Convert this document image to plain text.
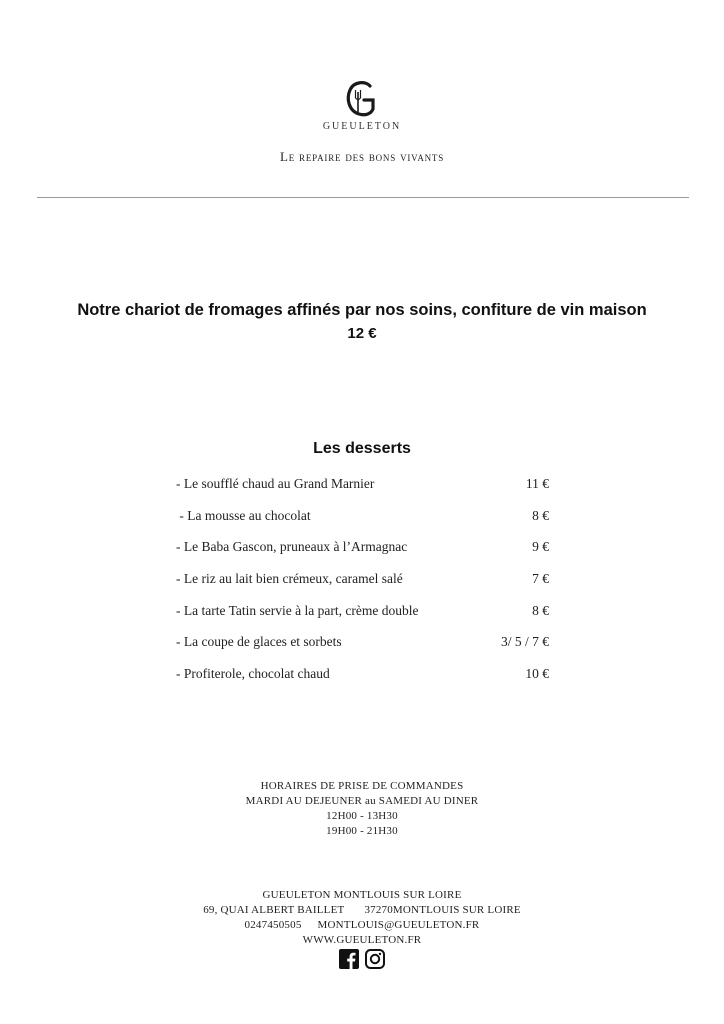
GUEULETON
Le repaire des bons vivants
Notre chariot de fromages affinés par nos soins, confiture de vin maison
12 €
Les desserts
- Le soufflé chaud au Grand Marnier	11 €
- La mousse au chocolat	8 €
- Le Baba Gascon, pruneaux à l’Armagnac	9 €
- Le riz au lait bien crémeux, caramel salé	7 €
- La tarte Tatin servie à la part, crème double	8 €
- La coupe de glaces et sorbets	3/ 5 / 7 €
- Profiterole, chocolat chaud	10 €
HORAIRES DE PRISE DE COMMANDES
MARDI AU DEJEUNER au SAMEDI AU DINER
12H00 - 13H30
19H00 - 21H30
GUEULETON MONTLOUIS SUR LOIRE
69, QUAI ALBERT BAILLET 37270MONTLOUIS SUR LOIRE
0247450505 MONTLOUIS@GUEULETON.FR
WWW.GUEULETON.FR
